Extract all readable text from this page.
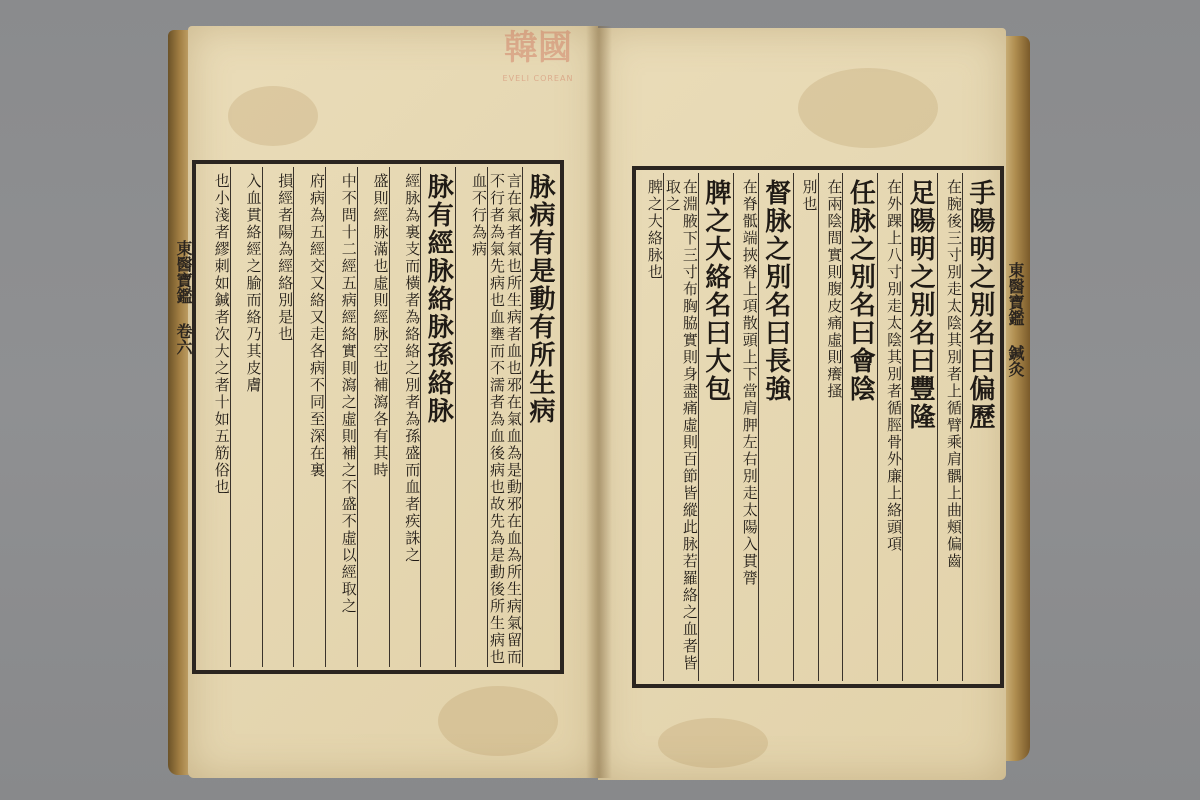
韓國
EVELI COREAN
東醫寶鑑 卷六	東醫寶鑑 鍼灸
脉病有是動有所生病
言在氣者氣也所生病者血也邪在氣血為是動邪在血為所生病氣留而不行者為氣先病也血壅而不濡者為血後病也故先為是動後所生病也
血不行為病
脉有經脉絡脉孫絡脉
經脉為裏支而橫者為絡絡之別者為孫盛而血者疾誅之
盛則經脉滿也虛則經脉空也補瀉各有其時
中不問十二經五病經絡實則瀉之虛則補之不盛不虛以經取之
府病為五經交又絡又走各病不同至深在裏
損經者陽為經絡別是也
入血貫絡經之腧而絡乃其皮膚
也小淺者繆刺如鍼者次大之者十如五筋俗也	手陽明之別名曰偏歷
在腕後三寸別走太陰其別者上循臂乘肩髃上曲頰偏齒
足陽明之別名曰豐隆
在外踝上八寸別走太陰其別者循脛骨外廉上絡頭項
任脉之別名曰會陰
在兩陰間實則腹皮痛虛則癢搔
別也
督脉之別名曰長強
在脊骶端挾脊上項散頭上下當肩胛左右別走太陽入貫膂
脾之大絡名曰大包
在淵腋下三寸布胸脇實則身盡痛虛則百節皆縱此脉若羅絡之血者皆取之
脾之大絡脉也
